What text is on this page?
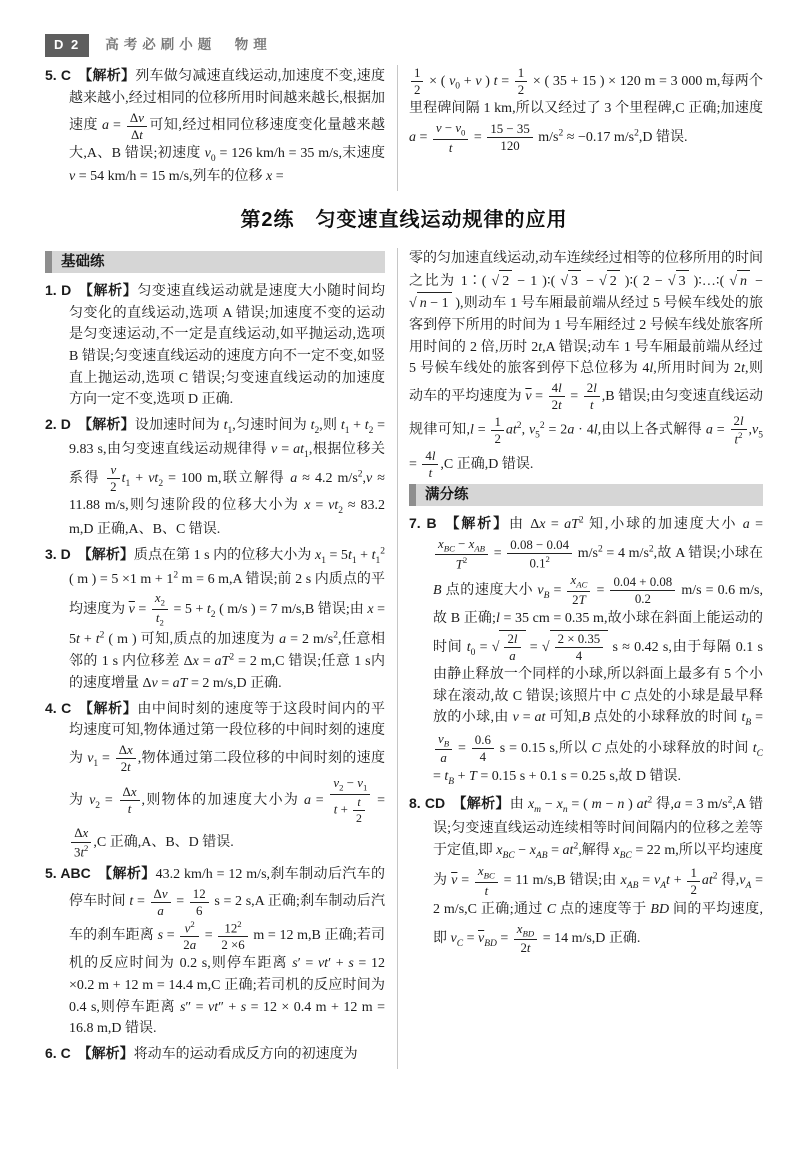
D 2	高考必刷小题　物理
5. C 【解析】列车做匀减速直线运动,加速度不变,速度越来越小,经过相同的位移所用时间越来越长,根据加速度 $a = \frac{\Delta v}{\Delta t}$ 可知,经过相同位移速度变化量越来越大,A、B 错误;初速度 $v_0 = 126$ km/h = 35 m/s,末速度 v = 54 km/h = 15 m/s,列车的位移 x =
$\frac{1}{2}$ × ( $v_0 + v$ ) $t = \frac{1}{2}$ × ( 35 + 15 ) × 120 m = 3 000 m,每两个里程碑间隔 1 km,所以又经过了 3 个里程碑,C 正确;加速度 $a = \frac{v - v_0}{t} = \frac{15 - 35}{120} m/s^2 \approx -0.17$ $m/s^2,D$ 错误.
第2练　匀变速直线运动规律的应用
基础练
1. D 【解析】匀变速直线运动就是速度大小随时间均匀变化的直线运动,选项 A 错误;加速度不变的运动是匀变速运动,不一定是直线运动,如平抛运动,选项 B 错误;匀变速直线运动的速度方向不一定不变,如竖直上抛运动,选项 C 错误;匀变速直线运动的加速度方向一定不变,选项 D 正确.
2. D 【解析】设加速时间为 $t_1$,匀速时间为 $t_2$,则 $t_1 + t_2 = 9.83$ s,由匀变速直线运动规律得 $v = at_1$,根据位移关系得 $\frac{v}{2} t_1 + vt_2 = 100$ m,联立解得 a ≈ 4.2 $m/s^2,v \approx 11.88$ m/s,则匀速阶段的位移大小为 $x = vt_2 \approx 83.2$ m,D 正确,A、B、C 错误.
3. D 【解析】质点在第 1 s 内的位移大小为 $x_1 = 5t_1 + t_1^2$ ( m ) = 5 ×1 $m + 1^2$ m = 6 m,A 错误;前 2 s 内质点的平均速度为 $\overline{v} = \frac{x_2}{t_2} = 5 + t_2$ ( m/s ) = 7 m/s,B 错误;由 $x = 5t + t^2$ ( m ) 可知,质点的加速度为 a = 2 $m/s^2$,任意相邻的 1 s 内位移差 $\Delta x = aT^2 = 2$ m,C 错误;任意 1 s内的速度增量 Δv = aT = 2 m/s,D 正确.
4. C 【解析】由中间时刻的速度等于这段时间内的平均速度可知,物体通过第一段位移的中间时刻的速度为 $v_1 = \frac{\Delta x}{2t}$ ,物体通过第二段位移的中间时刻的速度为 $v_2 = \frac{\Delta x}{t}$ ,则物体的加速度大小为 $a = \frac{v_2 - v_1}{t + \frac{t}{2}}$ =
$\frac{\Delta x}{3t^2} ,C$ 正确,A、B、D 错误.
5. ABC 【解析】43.2 km/h = 12 m/s,刹车制动后汽车的停车时间 $t = \frac{\Delta v}{a} = \frac{12}{6}$ s = 2 s,A 正确;刹车制动后汽车的刹车距离 $s = \frac{v^2}{2a} = \frac{12^2}{2 \times 6}$ m = 12 m,B 正确;若司机的反应时间为 0.2 s,则停车距离 s′ = vt′ + s = 12 ×0.2 m + 12 m = 14.4 m,C 正确;若司机的反应时间为 0.4 s,则停车距离 s″ = vt″ + s = 12 × 0.4 m + 12 m = 16.8 m,D 错误.
6. C 【解析】将动车的运动看成反方向的初速度为
零的匀加速直线运动,动车连续经过相等的位移所用的时间之比为 1∶( √ 2 − 1 )∶( √ 3 − √ 2 )∶( 2 − √ 3 )∶…∶( √ n − √ n − 1 ),则动车 1 号车厢最前端从经过 5 号候车线处的旅客到停下所用的时间为 1 号车厢经过 2 号候车线处旅客所用时间的 2 倍,历时 2t,A 错误;动车 1 号车厢最前端从经过 5 号候车线处的旅客到停下总位移为 4l,所用时间为 2t,则动车的平均速度为 $\overline{v} = \frac{4l}{2t} = \frac{2l}{t} ,B$ 错误;由匀变速直线运动规律可知$,l = \frac{1}{2} at^2$, $v_5^2 = 2a \cdot 4l$,由以上各式解得 $a = \frac{2l}{t^2} ,v_5 = \frac{4l}{t} ,C$ 正确,D 错误.
满分练
7. B 【解析】由 $\Delta x = aT^2$ 知,小球的加速度大小 a =
$x_{BC} - x_{AB}$
$T^2$	= $\frac{0.08 - 0.04}{0.1^2} m/s^2 = 4$ $m/s^2$,故 A 错误;小球在 B 点的速度大小 $v_B$ =
$x_{AC}$
2T
= $\frac{0.04 + 0.08}{0.2} m/s = 0.6$ m/s,故 B 正确;l = 35 cm = 0.35 m,故小球在斜面上能运动的时间 $t_0$ = √ $\frac{2l}{a}$ = √ $\frac{2 \times 0.35}{4}$ s ≈ 0.42 s,由于每隔 0.1 s 由静止释放一个同样的小球,所以斜面上最多有 5 个小球在滚动,故 C 错误;该照片中 C 点处的小球是最早释放的小球,由 v = at 可知,B 点处的小球释放的时间 $t_B$ =
$\frac{v_B}{a} = \frac{0.6}{4}$ s = 0.15 s,所以 C 点处的小球释放的时间 $t_C = t_B + T = 0.15$ s + 0.1 s = 0.25 s,故 D 错误.
8. CD 【解析】由 $x_m - x_n$ = ( m − n ) $at^2$ 得,a = 3 $m/s^2,A$ 错误;匀变速直线运动连续相等时间间隔内的位移之差等于定值,即 $x_{BC} - x_{AB} = at^2$,解得 $x_{BC} = 22$ m,所以平均速度为 $\overline{v}$ =
$x_{BC}$
t
= 11 m/s,B 错误;由 $x_{AB} = v_At + \frac{1}{2} at^2$ 得$,v_A = 2$ m/s,C 正确;通过 C 点的速度等于 BD 间的平均速度,即 $v_C = \overline{v}_{BD}$ =
$x_{BD}$
2t
= 14 m/s,D 正确.
